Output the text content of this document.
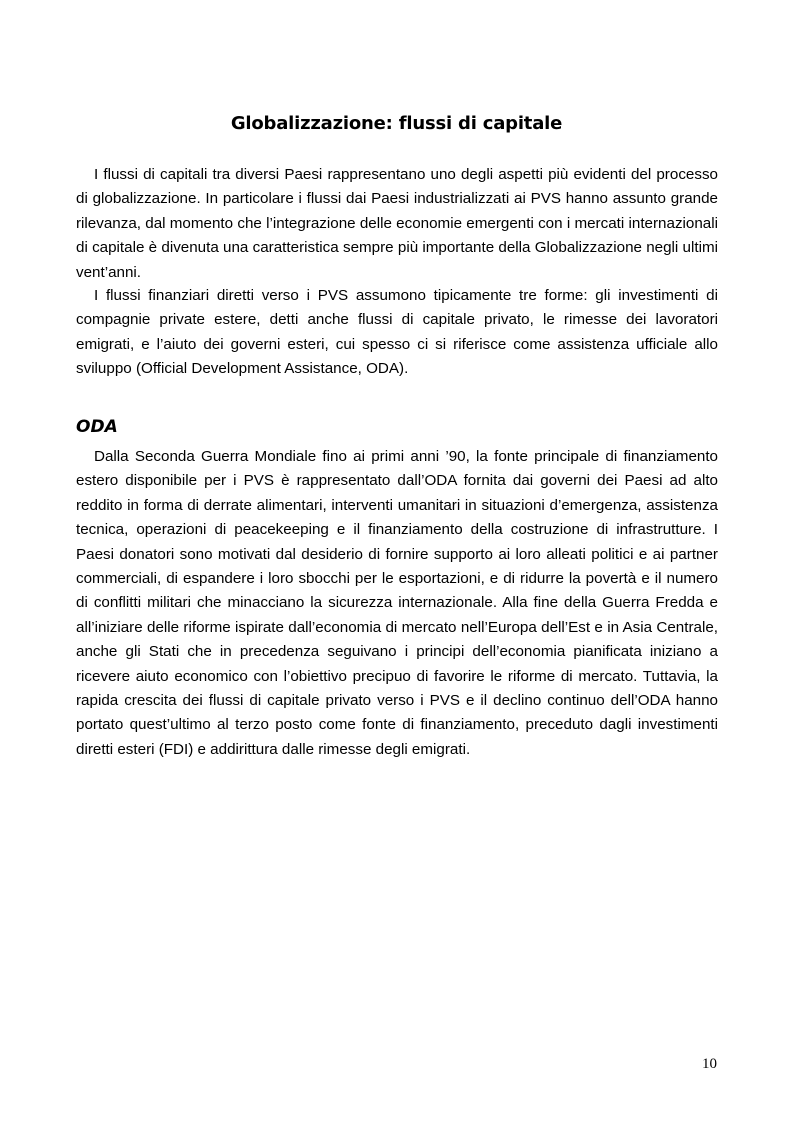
Globalizzazione: flussi di capitale

I flussi di capitali tra diversi Paesi rappresentano uno degli aspetti più evidenti del processo di globalizzazione. In particolare i flussi dai Paesi industrializzati ai PVS hanno assunto grande rilevanza, dal momento che l’integrazione delle economie emergenti con i mercati internazionali di capitale è divenuta una caratteristica sempre più importante della Globalizzazione negli ultimi vent’anni.

I flussi finanziari diretti verso i PVS assumono tipicamente tre forme: gli investimenti di compagnie private estere, detti anche flussi di capitale privato, le rimesse dei lavoratori emigrati, e l’aiuto dei governi esteri, cui spesso ci si riferisce come assistenza ufficiale allo sviluppo (Official Development Assistance, ODA).

ODA

Dalla Seconda Guerra Mondiale fino ai primi anni ’90, la fonte principale di finanziamento estero disponibile per i PVS è rappresentato dall’ODA fornita dai governi dei Paesi ad alto reddito in forma di derrate alimentari, interventi umanitari in situazioni d’emergenza, assistenza tecnica, operazioni di peacekeeping e il finanziamento della costruzione di infrastrutture. I Paesi donatori sono motivati dal desiderio di fornire supporto ai loro alleati politici e ai partner commerciali, di espandere i loro sbocchi per le esportazioni, e di ridurre la povertà e il numero di conflitti militari che minacciano la sicurezza internazionale. Alla fine della Guerra Fredda e all’iniziare delle riforme ispirate dall’economia di mercato nell’Europa dell’Est e in Asia Centrale, anche gli Stati che in precedenza seguivano i principi dell’economia pianificata iniziano a ricevere aiuto economico con l’obiettivo precipuo di favorire le riforme di mercato. Tuttavia, la rapida crescita dei flussi di capitale privato verso i PVS e il declino continuo dell’ODA hanno portato quest’ultimo al terzo posto come fonte di finanziamento, preceduto dagli investimenti diretti esteri (FDI) e addirittura dalle rimesse degli emigrati.

10
